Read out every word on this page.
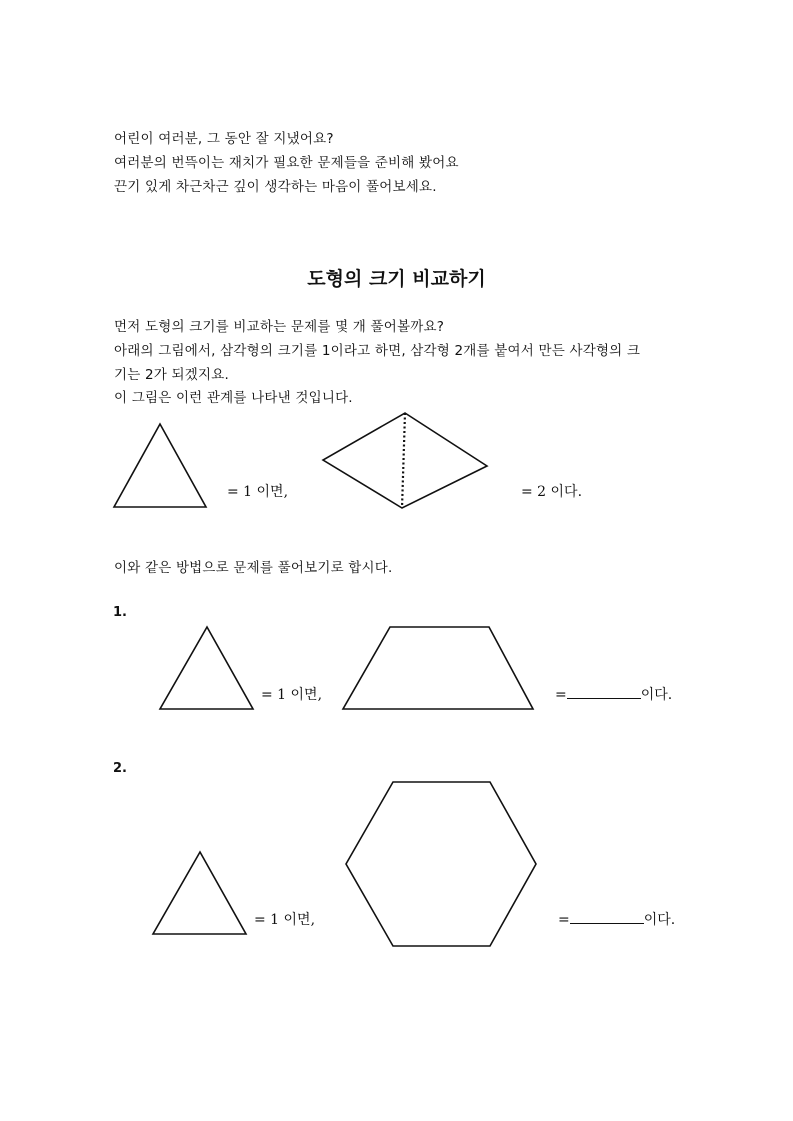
어린이 여러분, 그 동안 잘 지냈어요?
여러분의 번뜩이는 재치가 필요한 문제들을 준비해 봤어요
끈기 있게 차근차근 깊이 생각하는 마음이 풀어보세요.
도형의 크기 비교하기
먼저 도형의 크기를 비교하는 문제를 몇 개 풀어볼까요?
아래의 그림에서, 삼각형의 크기를 1이라고 하면, 삼각형 2개를 붙여서 만든 사각형의 크
기는 2가 되겠지요.
이 그림은 이런 관계를 나타낸 것입니다.
= 1 이면,	= 2 이다.
이와 같은 방법으로 문제를 풀어보기로 합시다.
1.
= 1 이면,	=	이다.
2.
= 1 이면,	=	이다.
